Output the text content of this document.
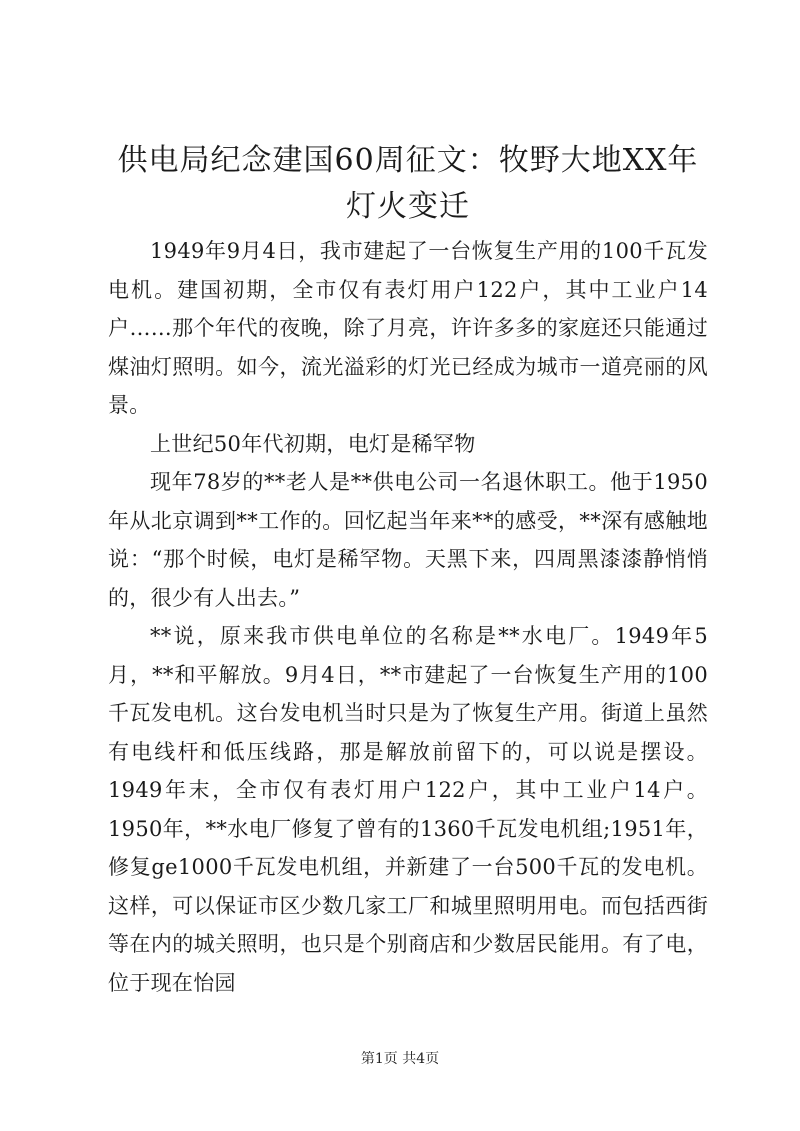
供电局纪念建国60周征文：牧野大地XX年灯火变迁

1949年9月4日，我市建起了一台恢复生产用的100千瓦发电机。建国初期，全市仅有表灯用户122户，其中工业户14户……那个年代的夜晚，除了月亮，许许多多的家庭还只能通过煤油灯照明。如今，流光溢彩的灯光已经成为城市一道亮丽的风景。

上世纪50年代初期，电灯是稀罕物

现年78岁的**老人是**供电公司一名退休职工。他于1950年从北京调到**工作的。回忆起当年来**的感受，**深有感触地说：“那个时候，电灯是稀罕物。天黑下来，四周黑漆漆静悄悄的，很少有人出去。”

**说，原来我市供电单位的名称是**水电厂。1949年5月，**和平解放。9月4日，**市建起了一台恢复生产用的100千瓦发电机。这台发电机当时只是为了恢复生产用。街道上虽然有电线杆和低压线路，那是解放前留下的，可以说是摆设。1949年末，全市仅有表灯用户122户，其中工业户14户。1950年，**水电厂修复了曾有的1360千瓦发电机组;1951年，修复ge1000千瓦发电机组，并新建了一台500千瓦的发电机。这样，可以保证市区少数几家工厂和城里照明用电。而包括西街等在内的城关照明，也只是个别商店和少数居民能用。有了电，位于现在怡园

第1页 共4页
